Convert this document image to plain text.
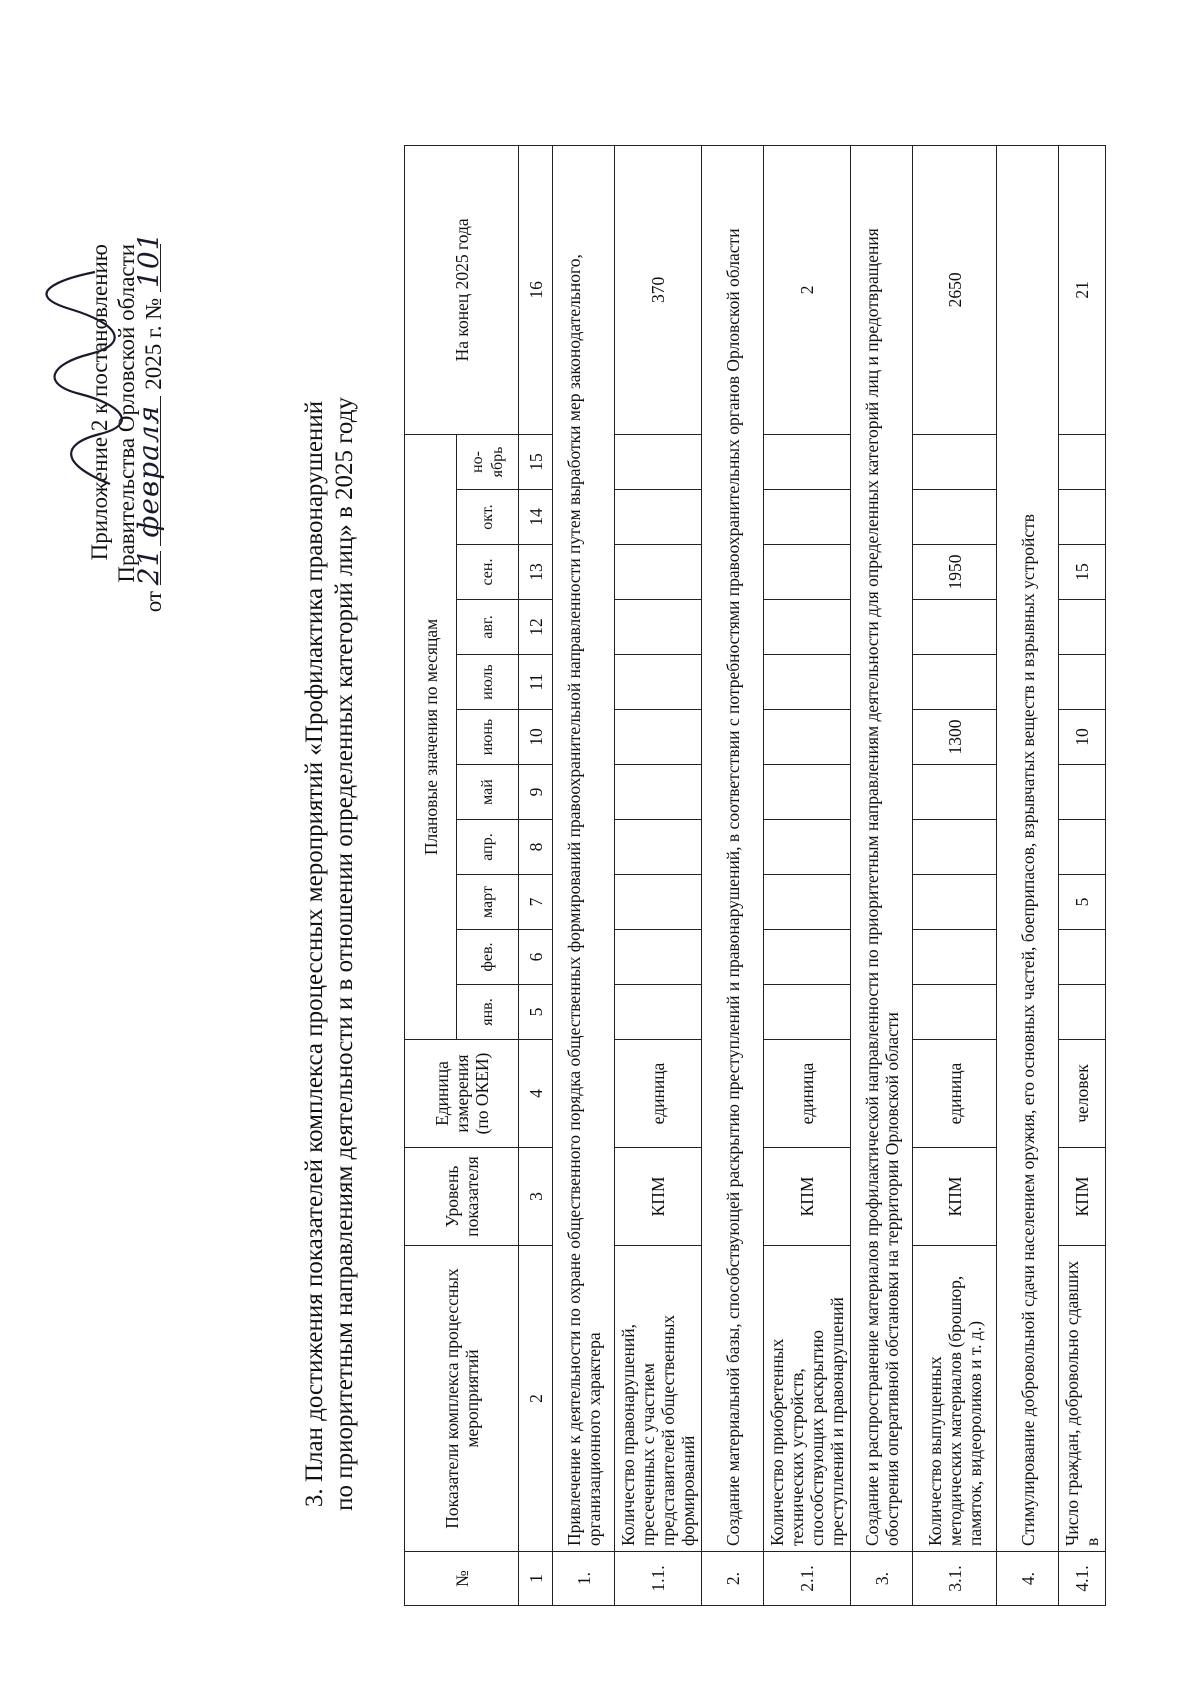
Приложение 2 к постановлению Правительства Орловской области
от
21

февраля
2025 г. №
101
3. План достижения показателей комплекса процессных мероприятий «Профилактика правонарушений по приоритетным направлениям деятельности и в отношении определенных категорий лиц» в 2025 году
№	Показатели комплекса процессных мероприятий	Уровень показателя	Единица измерения (по ОКЕИ)	Плановые значения по месяцам											На конец 2025 года
				янв.	фев.	март	апр.	май	июнь	июль	авг.	сен.	окт.	но-ябрь	
1	2	3	4	5	6	7	8	9	10	11	12	13	14	15	16
1.	Привлечение к деятельности по охране общественного порядка общественных формирований правоохранительной направленности путем выработки мер законодательного, организационного характера														
1.1.	Количество правонарушений, пресеченных с участием представителей общественных формирований	КПМ	единица												370
2.	Создание материальной базы, способствующей раскрытию преступлений и правонарушений, в соответствии с потребностями правоохранительных органов Орловской области														
2.1.	Количество приобретенных технических устройств, способствующих раскрытию преступлений и правонарушений	КПМ	единица												2
3.	Создание и распространение материалов профилактической направленности по приоритетным направлениям деятельности для определенных категорий лиц и предотвращения обострения оперативной обстановки на территории Орловской области														
3.1.	Количество выпущенных методических материалов (брошюр, памяток, видеороликов и т. д.)	КПМ	единица						1300			1950			2650
4.	Стимулирование добровольной сдачи населением оружия, его основных частей, боеприпасов, взрывчатых веществ и взрывных устройств														
4.1.	Число граждан, добровольно сдавших в	КПМ	человек			5			10			15			21
